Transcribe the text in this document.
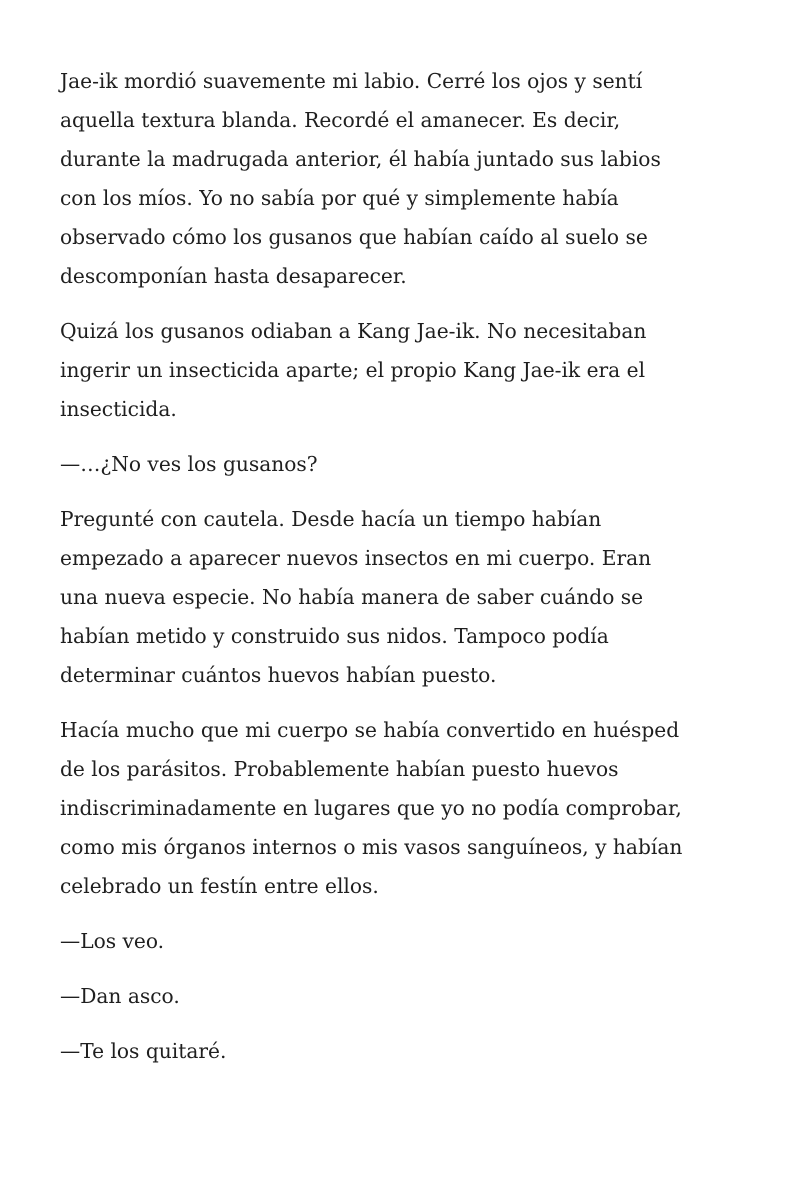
Jae-ik mordió suavemente mi labio. Cerré los ojos y sentí
aquella textura blanda. Recordé el amanecer. Es decir,
durante la madrugada anterior, él había juntado sus labios
con los míos. Yo no sabía por qué y simplemente había
observado cómo los gusanos que habían caído al suelo se
descomponían hasta desaparecer.

Quizá los gusanos odiaban a Kang Jae-ik. No necesitaban
ingerir un insecticida aparte; el propio Kang Jae-ik era el
insecticida.

—…¿No ves los gusanos?

Pregunté con cautela. Desde hacía un tiempo habían
empezado a aparecer nuevos insectos en mi cuerpo. Eran
una nueva especie. No había manera de saber cuándo se
habían metido y construido sus nidos. Tampoco podía
determinar cuántos huevos habían puesto.

Hacía mucho que mi cuerpo se había convertido en huésped
de los parásitos. Probablemente habían puesto huevos
indiscriminadamente en lugares que yo no podía comprobar,
como mis órganos internos o mis vasos sanguíneos, y habían
celebrado un festín entre ellos.

—Los veo.

—Dan asco.

—Te los quitaré.
